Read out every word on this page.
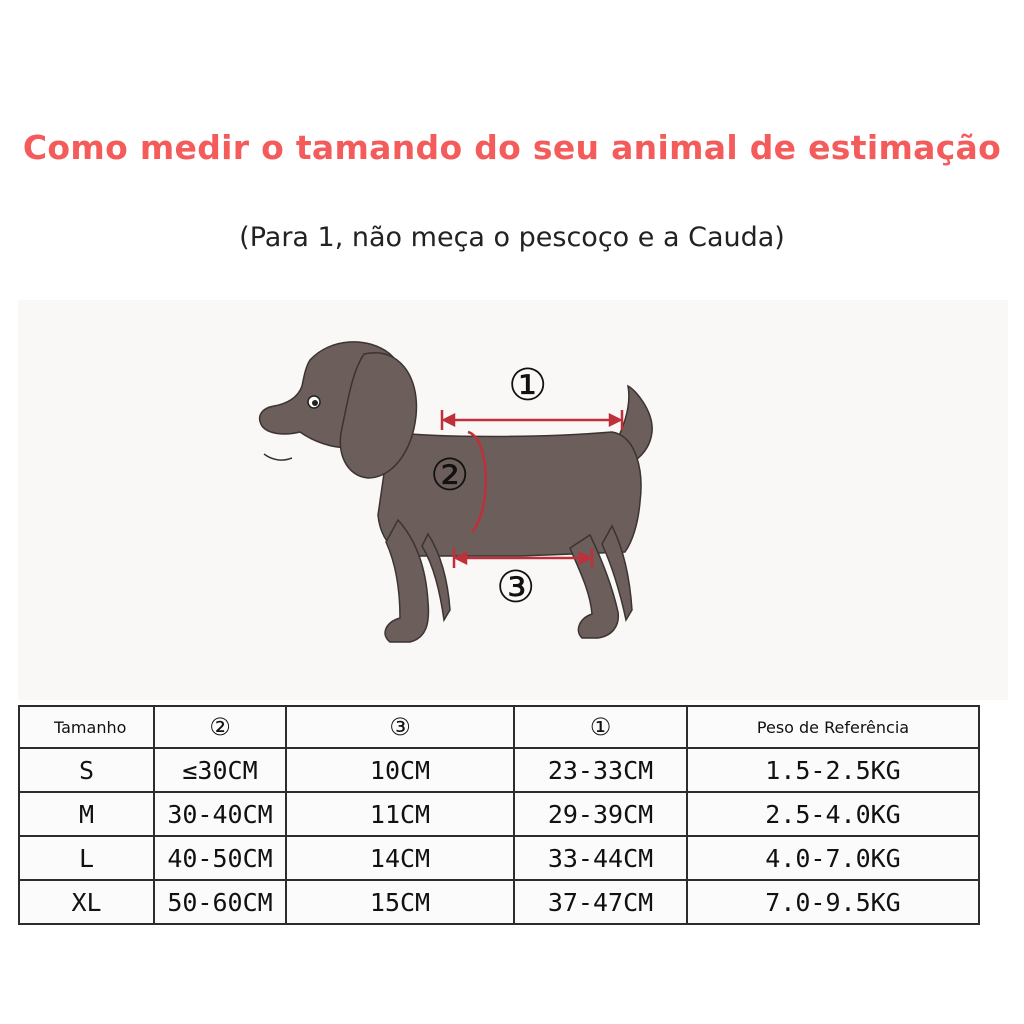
Como medir o tamando do seu animal de estimação
(Para 1, não meça o pescoço e a Cauda)
①
②
③
Tamanho	②	③	①	Peso de Referência
S	≤30CM	10CM	23-33CM	1.5-2.5KG
M	30-40CM	11CM	29-39CM	2.5-4.0KG
L	40-50CM	14CM	33-44CM	4.0-7.0KG
XL	50-60CM	15CM	37-47CM	7.0-9.5KG
